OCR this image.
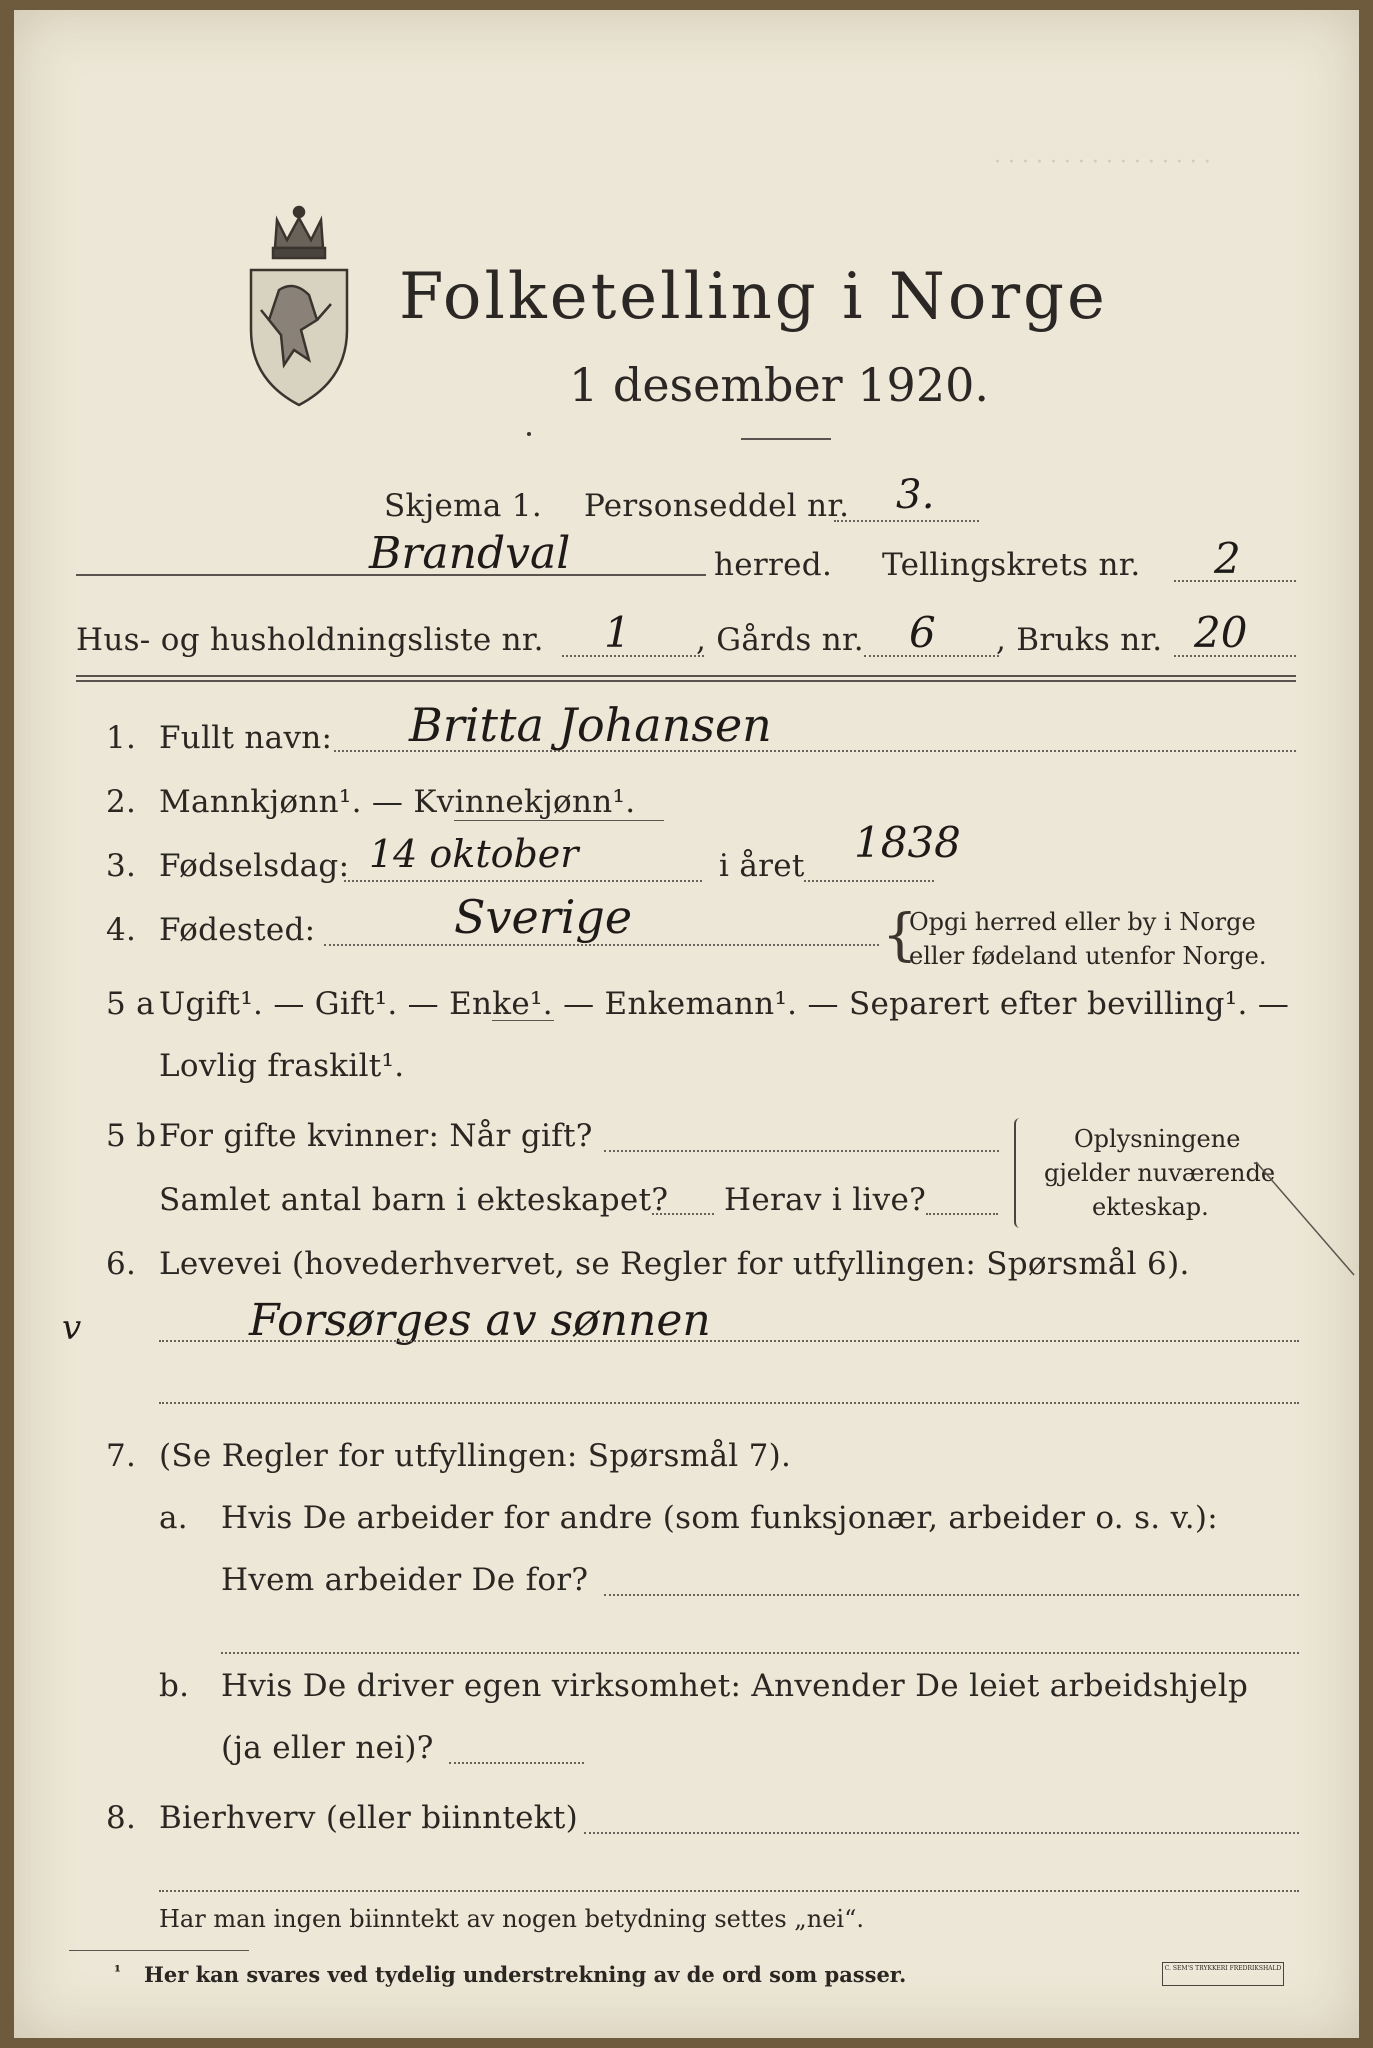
· · · · · · · · · · · · · · · ·
Folketelling i Norge
1 desember 1920.
Skjema 1. Personseddel nr. 3.
Brandval	herred. Tellingskrets nr. 2
Hus- og husholdningsliste nr. 1 , Gårds nr. 6 , Bruks nr. 20
1. Fullt navn: Britta Johansen
2. Mannkjønn¹. — Kvinnekjønn¹.
3. Fødselsdag: 14 oktober	i året 1838
4. Fødested:	Sverige	{
Opgi herred eller by i Norge
eller fødeland utenfor Norge.
5 a Ugift¹. — Gift¹. — Enke¹. — Enkemann¹. — Separert efter bevilling¹. —
Lovlig fraskilt¹.
5 b For gifte kvinner: Når gift?
Samlet antal barn i ekteskapet? Herav i live?
Oplysningene
gjelder nuværende
ekteskap.
6. Levevei (hovederhvervet, se Regler for utfyllingen: Spørsmål 6).
v	Forsørges av sønnen
7. (Se Regler for utfyllingen: Spørsmål 7).
a. Hvis De arbeider for andre (som funksjonær, arbeider o. s. v.):
Hvem arbeider De for?
b. Hvis De driver egen virksomhet: Anvender De leiet arbeidshjelp
(ja eller nei)?
8. Bierhverv (eller biinntekt)
Har man ingen biinntekt av nogen betydning settes „nei“.
¹ Her kan svares ved tydelig understrekning av de ord som passer.	C. SEM'S TRYKKERI FREDRIKSHALD
